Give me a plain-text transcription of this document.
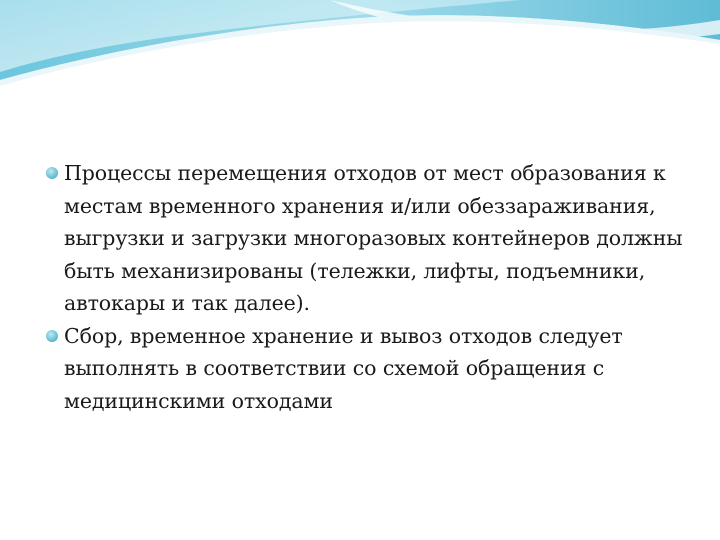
Процессы перемещения отходов от мест образования к местам временного хранения и/или обеззараживания, выгрузки и загрузки многоразовых контейнеров должны быть механизированы (тележки, лифты, подъемники, автокары и так далее).
Сбор, временное хранение и вывоз отходов следует выполнять в соответствии со схемой обращения с медицинскими отходами
